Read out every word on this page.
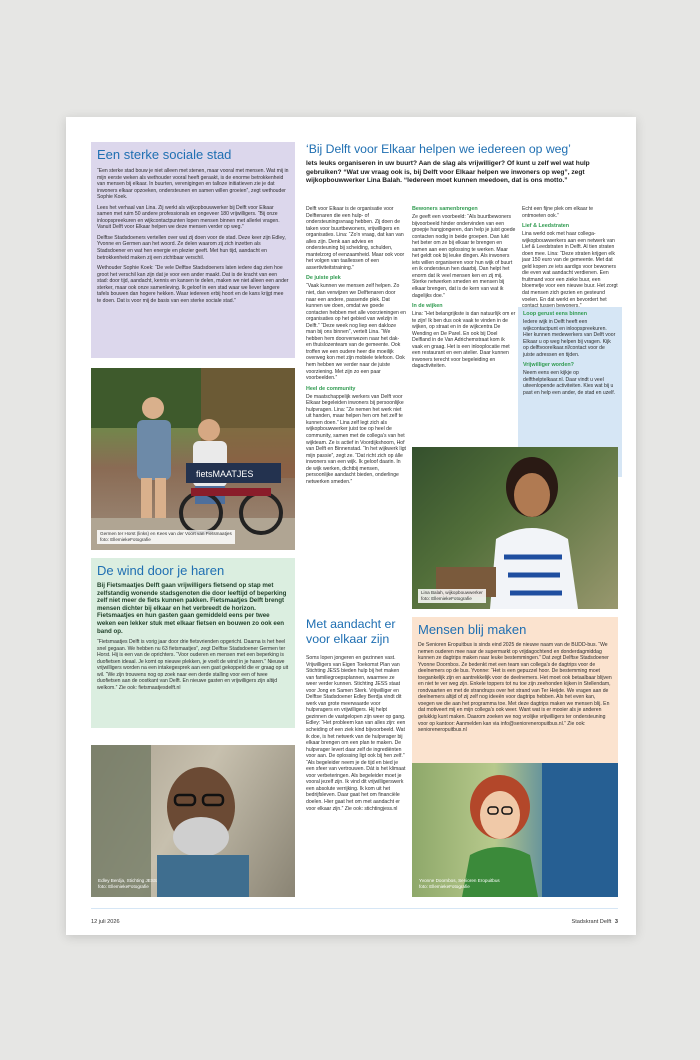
Een sterke sociale stad

“Een sterke stad bouw je niet alleen met stenen, maar vooral met mensen. Wat mij in mijn eerste weken als wethouder vooral heeft geraakt, is de enorme betrokkenheid van mensen bij elkaar. In buurten, verenigingen en talloze initiatieven zie je dat inwoners elkaar opzoeken, ondersteunen en samen willen groeien”, zegt wethouder Sophie Koek.

Lees het verhaal van Lina. Zij werkt als wijkopbouwwerker bij Delft voor Elkaar samen met ruim 50 andere professionals en ongeveer 180 vrijwilligers. “Bij onze inloopspreekuren en wijkcontactpunten lopen mensen binnen met allerlei vragen. Vanuit Delft voor Elkaar helpen we deze mensen verder op weg.”

Delftse Stadsdoeners vertellen over wat zij doen voor de stad. Deze keer zijn Edley, Yvonne en Germen aan het woord. Ze delen waarom zij zich inzetten als Stadsdoener en wat hen energie en plezier geeft. Met hun tijd, aandacht en betrokkenheid maken zij een zichtbaar verschil.

Wethouder Sophie Koek: “De vele Delftse Stadsdoeners laten iedere dag zien hoe groot het verschil kan zijn dat je voor een ander maakt. Dat is de kracht van een stad: door tijd, aandacht, kennis en kansen te delen, maken we niet alleen een ander sterker, maar ook onze samenleving. Ik geloof in een stad waar we liever langere tafels bouwen dan hogere hekken. Waar iedereen erbij hoort en de kans krijgt mee te doen. Dat is voor mij de basis van een sterke sociale stad.”

fietsMAATJES
Germen ter Horst (links) en Kees van der Voort van Fietsmaatjes
foto: EllemiekeFotografie
De wind door je haren

Bij Fietsmaatjes Delft gaan vrijwilligers fietsend op stap met zelfstandig wonende stadsgenoten die door leeftijd of beperking zelf niet meer de fiets kunnen pakken. Fietsmaatjes Delft brengt mensen dichter bij elkaar en het verbreedt de horizon. Fietsmaatjes en hun gasten gaan gemiddeld eens per twee weken een lekker stuk met elkaar fietsen en bouwen zo ook een band op.

“Fietsmaatjes Delft is vorig jaar door drie fietsvrienden opgericht. Daarna is het heel snel gegaan. We hebben nu 63 fietsmaatjes”, zegt Delftse Stadsdoener Germen ter Horst. Hij is een van de oprichters. “Voor ouderen en mensen met een beperking is duofietsen ideaal. Je komt op nieuwe plekken, je voelt de wind in je haren.” Nieuwe vrijwilligers worden na een intakegesprek aan een gast gekoppeld die er graag op uit wil. “We zijn trouwens nog op zoek naar een derde stalling voor een of twee duofietsen aan de oostkant van Delft. En nieuwe gasten en vrijwilligers zijn altijd welkom.” Zie ook: fietsmaatjesdelft.nl

Edley Berdja, Stichting JESS
foto: EllemiekeFotografie
‘Bij Delft voor Elkaar helpen we iedereen op weg’

Iets leuks organiseren in uw buurt? Aan de slag als vrijwilliger? Of kunt u zelf wel wat hulp gebruiken? “Wat uw vraag ook is, bij Delft voor Elkaar helpen we inwoners op weg”, zegt wijkopbouwwerker Lina Balah. “Iedereen moet kunnen meedoen, dat is ons motto.”

Delft voor Elkaar is de organisatie voor Delftenaren die een hulp- of ondersteuningsvraag hebben. Zij doen de taken voor buurtbewoners, vrijwilligers en organisaties. Lina: “Zo’n vraag, dat kan van alles zijn. Denk aan advies en ondersteuning bij scheiding, schulden, mantelzorg of eenzaamheid. Maar ook voor het volgen van taallessen of een assertiviteitstraining.”

De juiste plek

“Vaak kunnen we mensen zelf helpen. Zo niet, dan verwijzen we Delftenaren door naar een andere, passende plek. Dat kunnen we doen, omdat we goede contacten hebben met alle voorzieningen en organisaties op het gebied van welzijn in Delft.” “Deze week nog liep een dakloze man bij ons binnen”, vertelt Lina. “We hebben hem doorverwezen naar het dak- en thuislozenteam van de gemeente. Ook troffen we een oudere heer die moeilijk overweg kon met zijn mobiele telefoon. Ook hem hebben we verder naar de juiste voorziening. Met zijn zo een paar voorbeelden.”

Heel de community

De maatschappelijk werkers van Delft voor Elkaar begeleiden inwoners bij persoonlijke hulpvragen. Lina: “Ze nemen het werk niet uit handen, maar helpen hen om het zelf te kunnen doen.” Lina zelf legt zich als wijkopbouwwerker juist toe op heel de community, samen met de collega’s van het wijkteam. Ze is actief in Voordijkshoorn, Hof van Delft en Binnenstad. “In het wijkwerk ligt mijn passie”, zegt ze. “Dat richt zich op álle inwoners van een wijk. Ik geloof daarin. In de wijk werken, dichtbij mensen, persoonlijke aandacht bieden, onderlinge netwerken smeden.”

Bewoners samenbrengen

Ze geeft een voorbeeld: “Als buurtbewoners bijvoorbeeld hinder ondervinden van een groepje hangjongeren, dan help je juist goede contacten nodig in beide groepen. Dan lukt het beter om ze bij elkaar te brengen en samen aan een oplossing te werken. Maar het geldt ook bij leuke dingen. Als inwoners iets willen organiseren voor hun wijk of buurt en ik ondersteun hen daarbij. Dan helpt het enorm dat ik veel mensen ken en zij mij. Sterke netwerken smeden en mensen bij elkaar brengen, dat is de kern van wat ik dagelijks doe.”

In de wijken

Lina: “Het belangrijkste is dan natuurlijk om er te zijn! Ik ben dus ook vaak te vinden in de wijken, op straat en in de wijkcentra De Wending en De Parel. En ook bij Doel Delfland in de Van Adrichemstraat kom ik vaak en graag. Het is een inlooplocatie met een restaurant en een atelier. Daar kunnen inwoners terecht voor begeleiding en dagactiviteiten.

Echt een fijne plek om elkaar te ontmoeten ook.”

Lief & Leedstraten

Lina werkt ook met haar collega-wijkopbouwwerkers aan een netwerk van Lief & Leedstraten in Delft. Al tien straten doen mee. Lina: “Deze straten krijgen elk jaar 150 euro van de gemeente. Met dat geld kopen ze iets aardigs voor bewoners die even wat aandacht verdienen. Een fruitmand voor een zieke buur, een bloemetje voor een nieuwe buur. Het zorgt dat mensen zich gezien en gesteund voelen. En dat werkt en bevordert het

Loop gerust eens binnen

Iedere wijk in Delft heeft een wijkcontactpunt en inloopspreekuren. Hier kunnen medewerkers van Delft voor Elkaar u op weg helpen bij vragen. Kijk op delftvoorelkaar.nl/contact voor de juiste adressen en tijden.

Vrijwilliger worden?

Neem eens een kijkje op delfthelptelkaar.nl. Daar vindt u veel uiteenlopende activiteiten. Kies wat bij u past en help een ander, de stad en uzelf.

Lina Balah, wijkopbouwwerker
foto: EllemiekeFotografie
Met aandacht er voor elkaar zijn

Soms lopen jongeren en gezinnen vast. Vrijwilligers van Eigen Toekomst Plan van Stichting JESS bieden hulp bij het maken van familiegroepsplannen, waarmee ze weer verder kunnen. Stichting JESS staat voor Jong en Samen Sterk. Vrijwilliger en Delftse Stadsdoener Edley Berdja vindt dit werk van grote meerwaarde voor hulpvragers en vrijwilligers. Hij helpt gezinnen de vastgelopen zijn weer op gang. Edley: “Het probleem kan van alles zijn: een scheiding of een ziek kind bijvoorbeeld. Wat ik doe, is het netwerk van de hulpvrager bij elkaar brengen om een plan te maken. De hulpvrager levert daar zelf de ingrediënten voor aan. De oplossing ligt ook bij hen zelf.” “Als begeleider neem je de tijd en bied je een sfeer van vertrouwen. Dát is het klimaat voor verbeteringen. Als begeleider moet je vooral jezelf zijn. Ik vind dit vrijwilligerswerk een absolute verrijking. Ik kom uit het bedrijfsleven. Daar gaat het om financiële doelen. Hier gaat het om met aandacht er voor elkaar zijn.” Zie ook: stichtingjess.nl

Mensen blij maken

De Senioren Eropuitbus is sinds eind 2025 de nieuwe naam van de BUDD-bus. “We nemen ouderen mee naar de supermarkt op vrijdagochtend en donderdagmiddag kunnen ze dagtrips maken naar leuke bestemmingen.” Dat zegt Delftse Stadsdoener Yvonne Doornbos. Ze bedenkt met een team van collega’s de dagtrips voor de deelnemers op de bus. Yvonne: “Het is een gepuzzel hoor. De bestemming moet toegankelijk zijn en aantrekkelijk voor de deelnemers. Het moet ook betaalbaar blijven en niet te ver weg zijn. Enkele toppers tot nu toe zijn zeehonden kijken in Stellendam, rondvaarten en met de strandrups over het strand van Ter Heijde. We vragen aan de deelnemers altijd of zij zelf nog ideeën voor dagtrips hebben. Als het even kan, voegen we die aan het programma toe. Met deze dagtrips maken we mensen blij. En dat motiveert mij en mijn collega’s ook weer. Want wat is er mooier als je anderen gelukkig kunt maken. Daarom zoeken we nog vrolijke vrijwilligers ter ondersteuning voor op kantoor: Aanmelden kan via info@senioreneropuitbus.nl.” Zie ook: senioreneropuitbus.nl

Yvonne Doornbos, Senioren Eropuitbus
foto: EllemiekeFotografie
12 juli 2026	Stadskrant Delft 3
